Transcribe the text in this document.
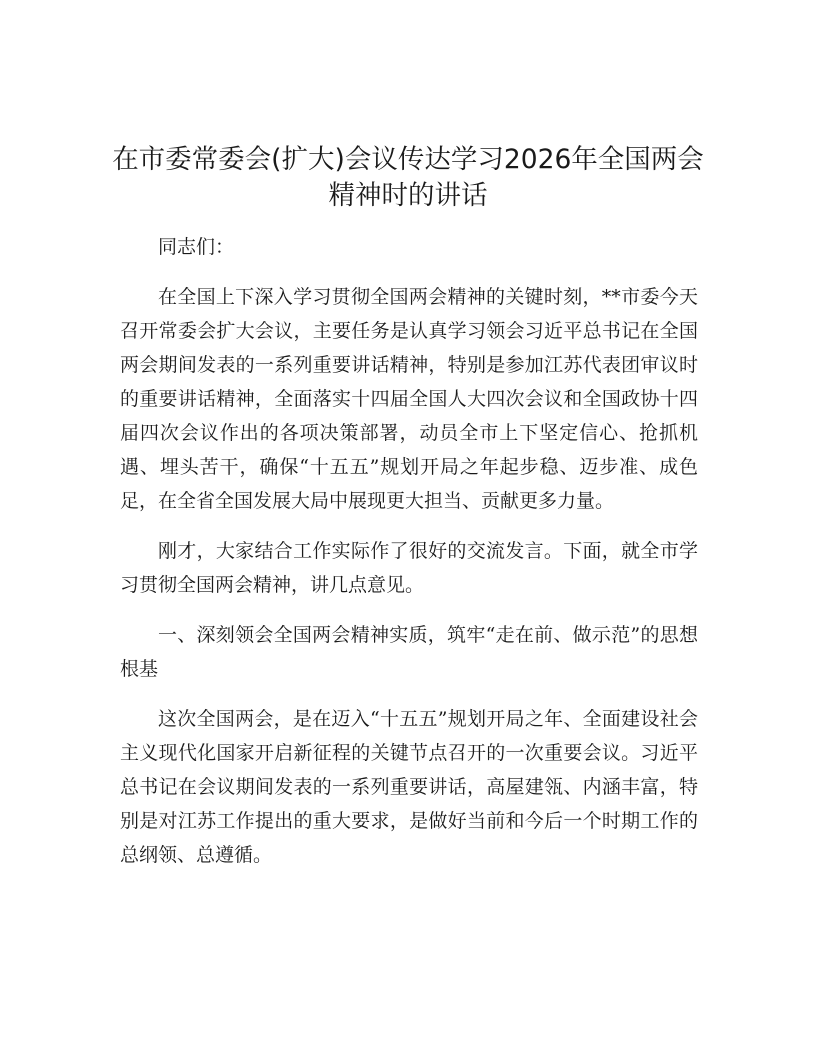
在市委常委会(扩大)会议传达学习2026年全国两会精神时的讲话

同志们：

在全国上下深入学习贯彻全国两会精神的关键时刻，**市委今天召开常委会扩大会议，主要任务是认真学习领会习近平总书记在全国两会期间发表的一系列重要讲话精神，特别是参加江苏代表团审议时的重要讲话精神，全面落实十四届全国人大四次会议和全国政协十四届四次会议作出的各项决策部署，动员全市上下坚定信心、抢抓机遇、埋头苦干，确保“十五五”规划开局之年起步稳、迈步准、成色足，在全省全国发展大局中展现更大担当、贡献更多力量。

刚才，大家结合工作实际作了很好的交流发言。下面，就全市学习贯彻全国两会精神，讲几点意见。

一、深刻领会全国两会精神实质，筑牢“走在前、做示范”的思想根基

这次全国两会，是在迈入“十五五”规划开局之年、全面建设社会主义现代化国家开启新征程的关键节点召开的一次重要会议。习近平总书记在会议期间发表的一系列重要讲话，高屋建瓴、内涵丰富，特别是对江苏工作提出的重大要求，是做好当前和今后一个时期工作的总纲领、总遵循。
